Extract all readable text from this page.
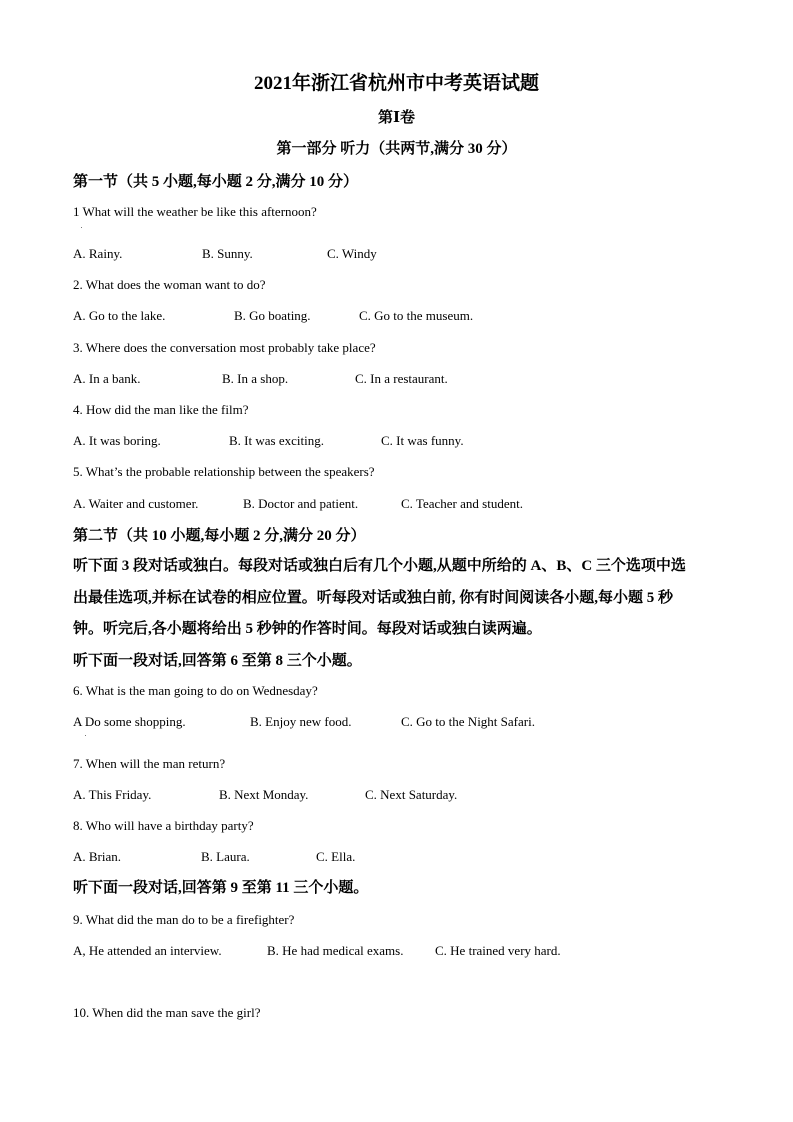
2021年浙江省杭州市中考英语试题
第Ⅰ卷
第一部分 听力（共两节,满分 30 分）
第一节（共 5 小题,每小题 2 分,满分 10 分）
1 What will the weather be like this afternoon?
A. Rainy.	B. Sunny.	C. Windy
2. What does the woman want to do?
A. Go to the lake.	B. Go boating.	C. Go to the museum.
3. Where does the conversation most probably take place?
A. In a bank.	B. In a shop.	C. In a restaurant.
4. How did the man like the film?
A. It was boring.	B. It was exciting.	C. It was funny.
5. What’s the probable relationship between the speakers?
A. Waiter and customer.	B. Doctor and patient.	C. Teacher and student.
第二节（共 10 小题,每小题 2 分,满分 20 分）
听下面 3 段对话或独白。每段对话或独白后有几个小题,从题中所给的 A、B、C 三个选项中选
出最佳选项,并标在试卷的相应位置。听每段对话或独白前, 你有时间阅读各小题,每小题 5 秒
钟。听完后,各小题将给出 5 秒钟的作答时间。每段对话或独白读两遍。
听下面一段对话,回答第 6 至第 8 三个小题。
6. What is the man going to do on Wednesday?
A Do some shopping.	B. Enjoy new food.	C. Go to the Night Safari.
7. When will the man return?
A. This Friday.	B. Next Monday.	C. Next Saturday.
8. Who will have a birthday party?
A. Brian.	B. Laura.	C. Ella.
听下面一段对话,回答第 9 至第 11 三个小题。
9. What did the man do to be a firefighter?
A, He attended an interview.	B. He had medical exams. C. He trained very hard.
10. When did the man save the girl?
